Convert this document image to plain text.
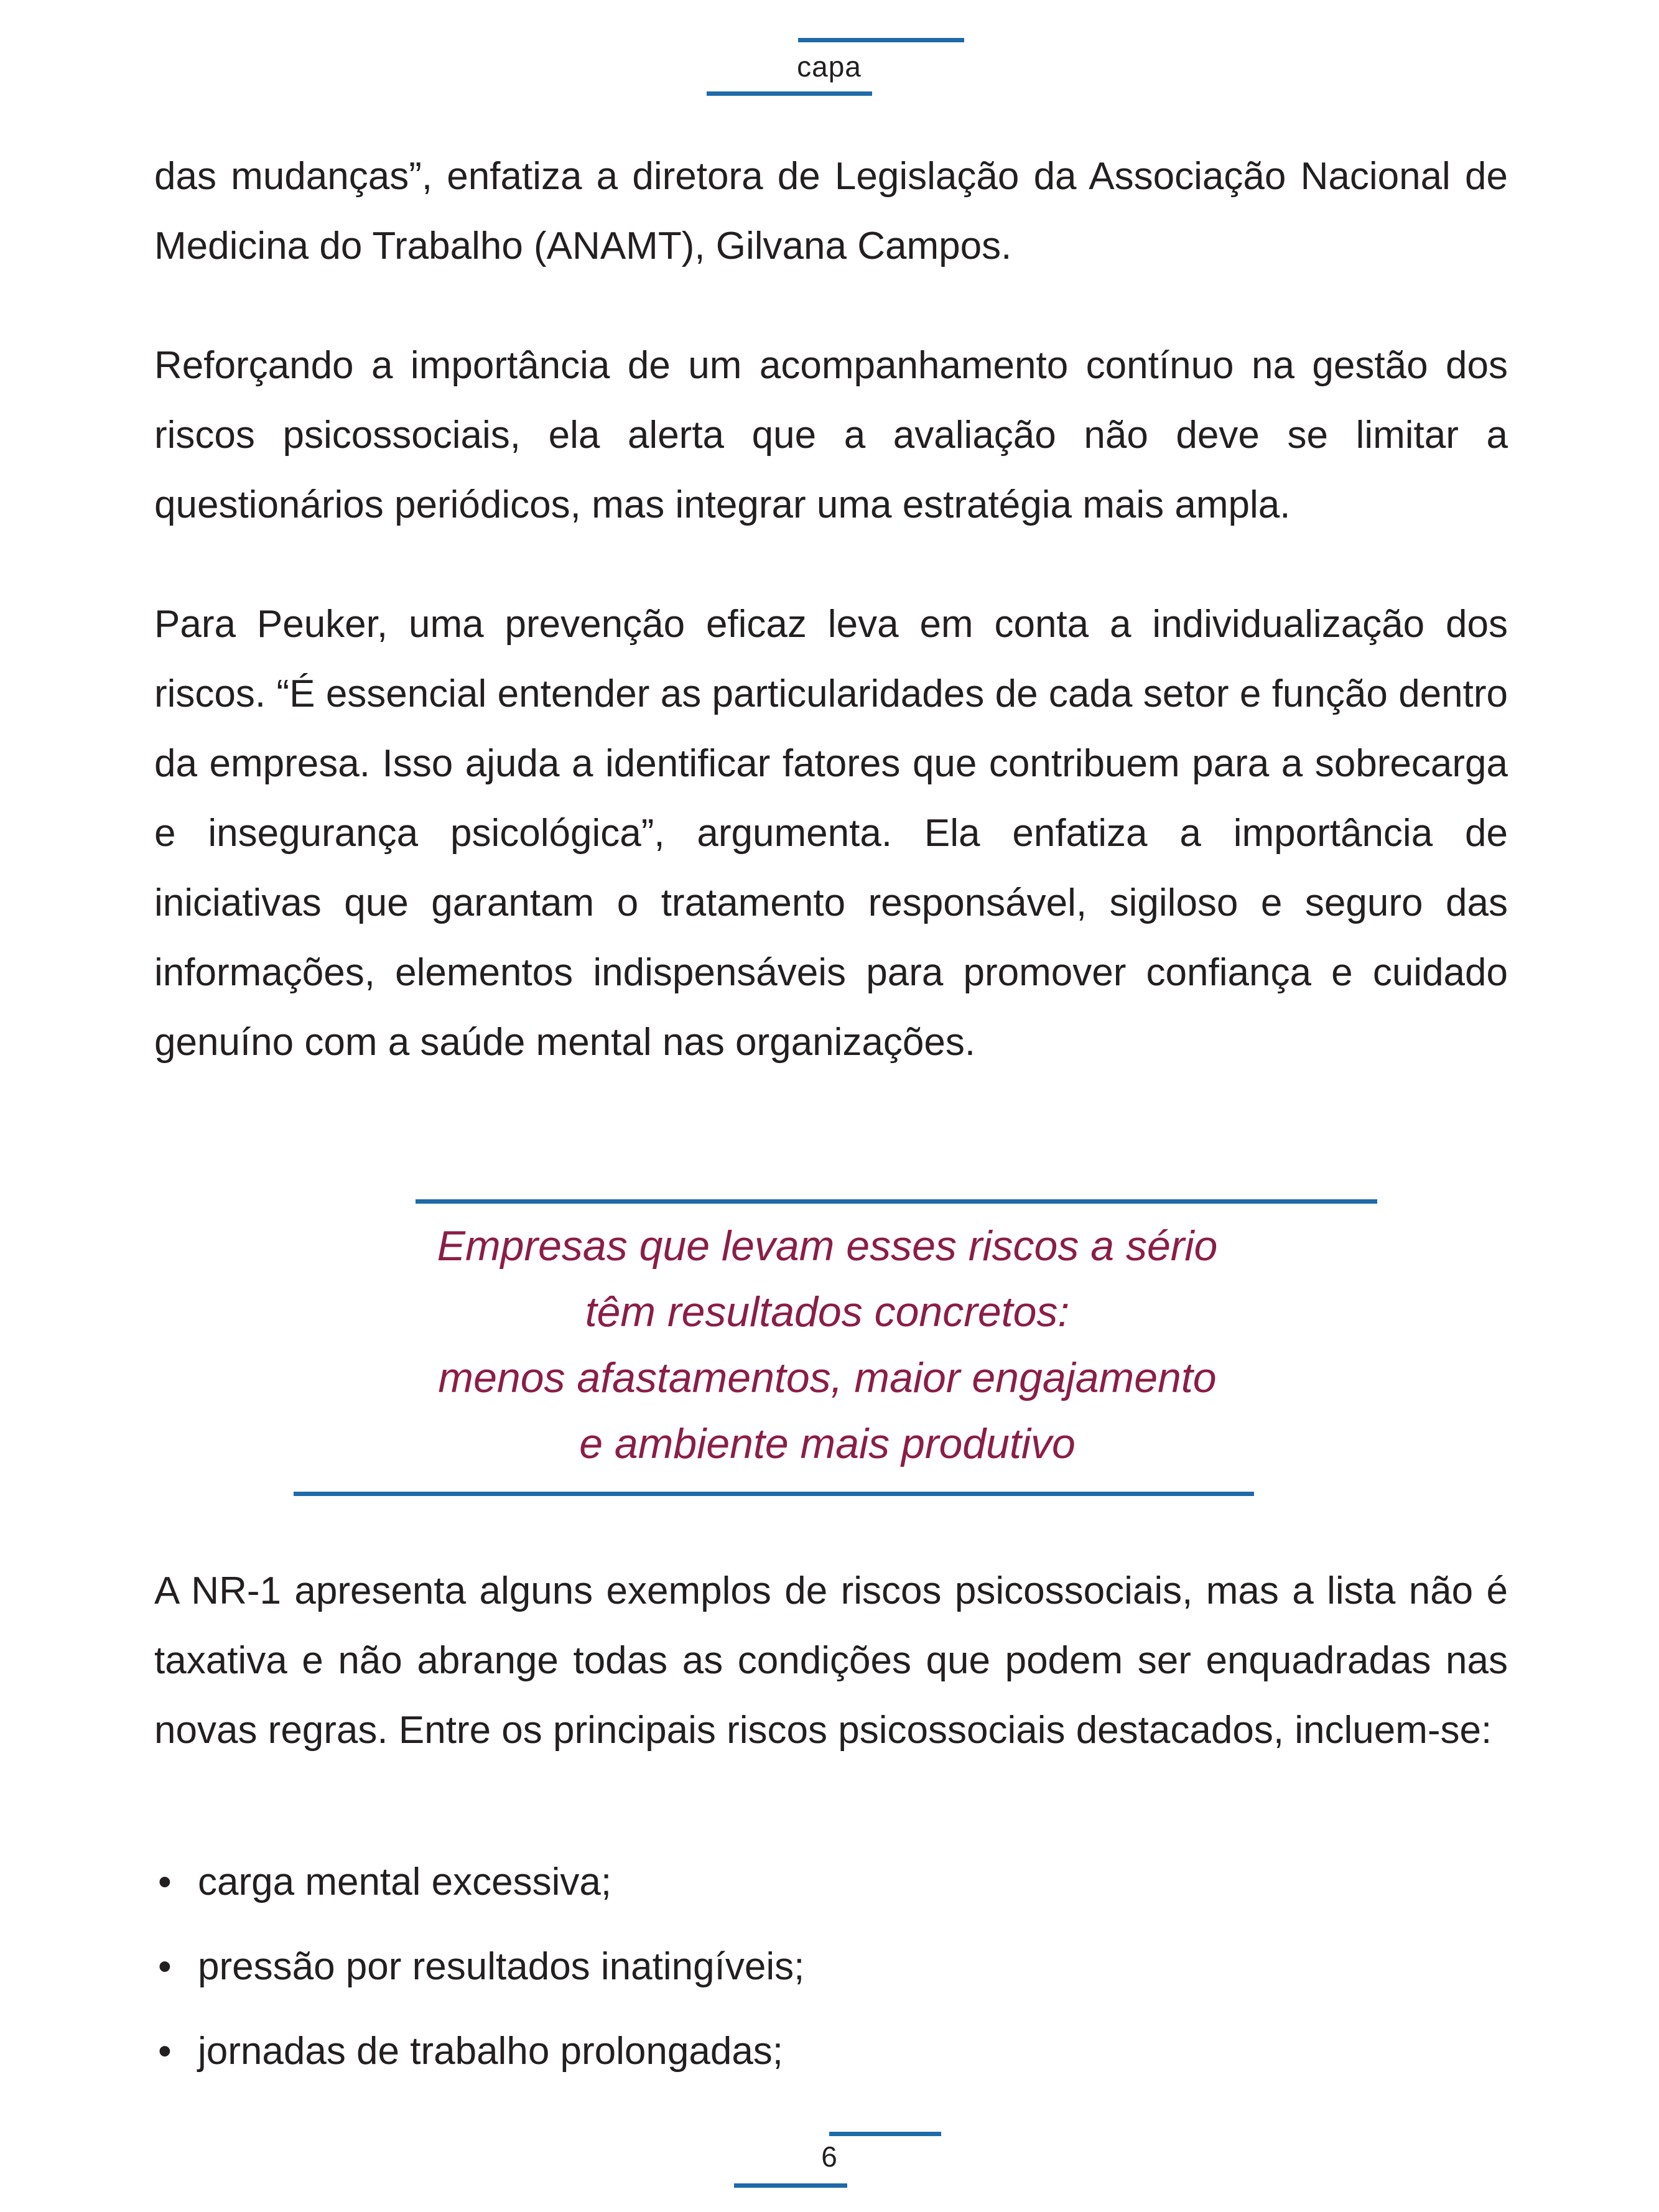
capa

das mudanças”, enfatiza a diretora de Legislação da Associação Nacional de Medicina do Trabalho (ANAMT), Gilvana Campos.

Reforçando a importância de um acompanhamento contínuo na gestão dos riscos psicossociais, ela alerta que a avaliação não deve se limitar a questionários periódicos, mas integrar uma estratégia mais ampla.

Para Peuker, uma prevenção eficaz leva em conta a individualização dos riscos. “É essencial entender as particularidades de cada setor e função dentro da empresa. Isso ajuda a identificar fatores que contribuem para a sobrecarga e insegurança psicológica”, argumenta. Ela enfatiza a importância de iniciativas que garantam o tratamento responsável, sigiloso e seguro das informações, elementos indispensáveis para promover confiança e cuidado genuíno com a saúde mental nas organizações.

Empresas que levam esses riscos a sério
têm resultados concretos:
menos afastamentos, maior engajamento
e ambiente mais produtivo

A NR-1 apresenta alguns exemplos de riscos psicossociais, mas a lista não é taxativa e não abrange todas as condições que podem ser enquadradas nas novas regras. Entre os principais riscos psicossociais destacados, incluem-se:

• carga mental excessiva;
• pressão por resultados inatingíveis;
• jornadas de trabalho prolongadas;
6
